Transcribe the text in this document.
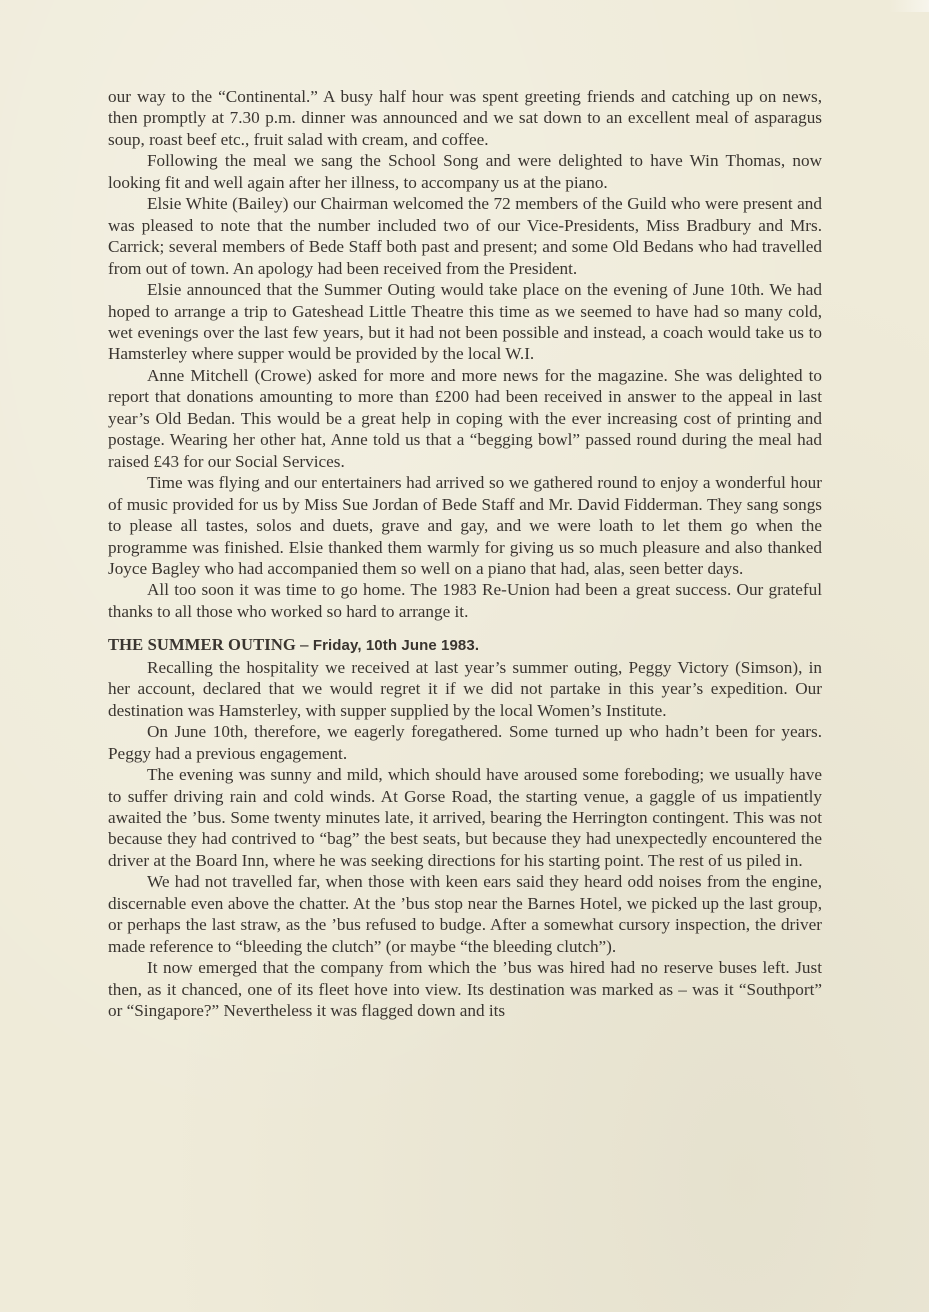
our way to the “Continental.” A busy half hour was spent greeting friends and catching up on news, then promptly at 7.30 p.m. dinner was announced and we sat down to an excellent meal of asparagus soup, roast beef etc., fruit salad with cream, and coffee.

Following the meal we sang the School Song and were delighted to have Win Thomas, now looking fit and well again after her illness, to accompany us at the piano.

Elsie White (Bailey) our Chairman welcomed the 72 members of the Guild who were present and was pleased to note that the number included two of our Vice-Presidents, Miss Bradbury and Mrs. Carrick; several members of Bede Staff both past and present; and some Old Bedans who had travelled from out of town. An apology had been received from the President.

Elsie announced that the Summer Outing would take place on the evening of June 10th. We had hoped to arrange a trip to Gateshead Little Theatre this time as we seemed to have had so many cold, wet evenings over the last few years, but it had not been possible and instead, a coach would take us to Hamsterley where supper would be provided by the local W.I.

Anne Mitchell (Crowe) asked for more and more news for the magazine. She was delighted to report that donations amounting to more than £200 had been received in answer to the appeal in last year’s Old Bedan. This would be a great help in coping with the ever increasing cost of printing and postage. Wearing her other hat, Anne told us that a “begging bowl” passed round during the meal had raised £43 for our Social Services.

Time was flying and our entertainers had arrived so we gathered round to enjoy a wonderful hour of music provided for us by Miss Sue Jordan of Bede Staff and Mr. David Fidderman. They sang songs to please all tastes, solos and duets, grave and gay, and we were loath to let them go when the programme was finished. Elsie thanked them warmly for giving us so much pleasure and also thanked Joyce Bagley who had accompanied them so well on a piano that had, alas, seen better days.

All too soon it was time to go home. The 1983 Re-Union had been a great success. Our grateful thanks to all those who worked so hard to arrange it.

THE SUMMER OUTING – Friday, 10th June 1983.

Recalling the hospitality we received at last year’s summer outing, Peggy Victory (Simson), in her account, declared that we would regret it if we did not partake in this year’s expedition. Our destination was Hamsterley, with supper supplied by the local Women’s Institute.

On June 10th, therefore, we eagerly foregathered. Some turned up who hadn’t been for years. Peggy had a previous engagement.

The evening was sunny and mild, which should have aroused some foreboding; we usually have to suffer driving rain and cold winds. At Gorse Road, the starting venue, a gaggle of us impatiently awaited the ’bus. Some twenty minutes late, it arrived, bearing the Herrington contingent. This was not because they had contrived to “bag” the best seats, but because they had unexpectedly encountered the driver at the Board Inn, where he was seeking directions for his starting point. The rest of us piled in.

We had not travelled far, when those with keen ears said they heard odd noises from the engine, discernable even above the chatter. At the ’bus stop near the Barnes Hotel, we picked up the last group, or perhaps the last straw, as the ’bus refused to budge. After a somewhat cursory inspection, the driver made reference to “bleeding the clutch” (or maybe “the bleeding clutch”).

It now emerged that the company from which the ’bus was hired had no reserve buses left. Just then, as it chanced, one of its fleet hove into view. Its destination was marked as – was it “Southport” or “Singapore?” Nevertheless it was flagged down and its
